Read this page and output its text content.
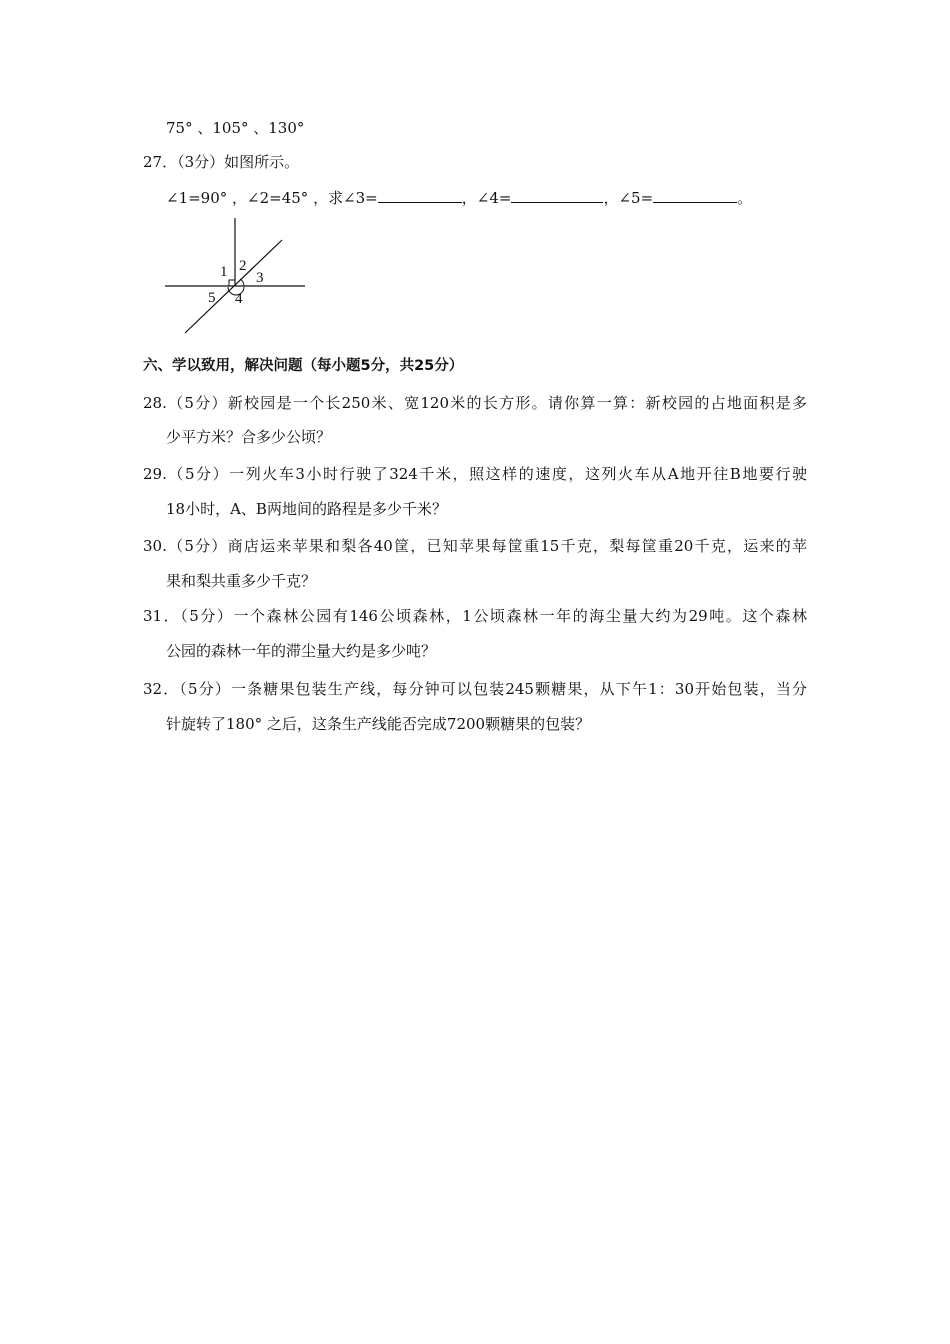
75° 、105° 、130°
27．（3分）如图所示。
∠1=90° ，∠2=45° ，求∠3=	，∠4=	，∠5=	。
1 2
3
4
5
六、学以致用，解决问题（每小题5分，共25分）
28.（5分）新校园是一个长250米、宽120米的长方形。请你算一算：新校园的占地面积是多
少平方米？合多少公顷？
29.（5分）一列火车3小时行驶了324千米，照这样的速度，这列火车从A地开往B地要行驶
18小时，A、B两地间的路程是多少千米？
30.（5分）商店运来苹果和梨各40筐，已知苹果每筐重15千克，梨每筐重20千克，运来的苹
果和梨共重多少千克？
31．（5分）一个森林公园有146公顷森林，1公顷森林一年的海尘量大约为29吨。这个森林
公园的森林一年的滞尘量大约是多少吨？
32．（5分）一条糖果包装生产线，每分钟可以包装245颗糖果，从下午1：30开始包装，当分
针旋转了180° 之后，这条生产线能否完成7200颗糖果的包装？
